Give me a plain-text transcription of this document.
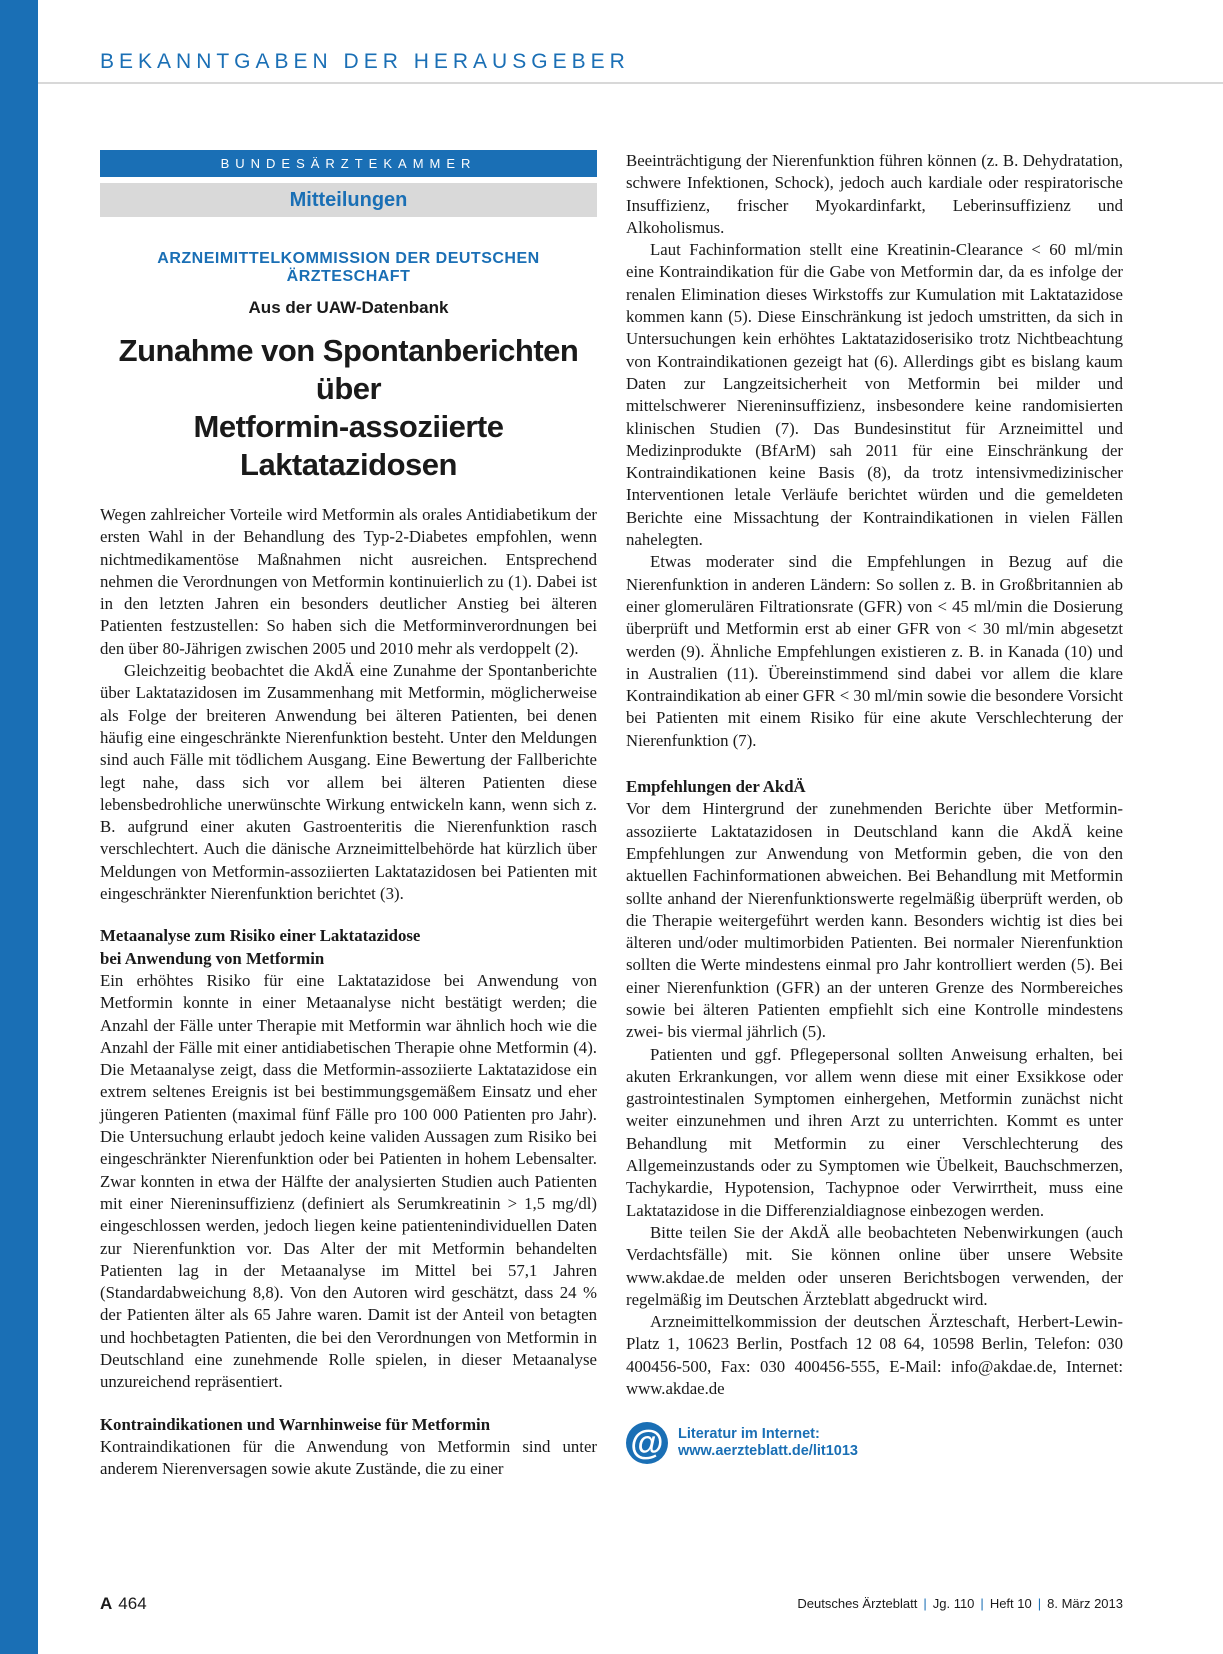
BEKANNTGABEN DER HERAUSGEBER
BUNDESÄRZTEKAMMER
Mitteilungen
ARZNEIMITTELKOMMISSION DER DEUTSCHEN ÄRZTESCHAFT
Aus der UAW-Datenbank
Zunahme von Spontanberichten über
Metformin-assoziierte Laktatazidosen

Wegen zahlreicher Vorteile wird Metformin als orales Antidiabetikum der ersten Wahl in der Behandlung des Typ-2-Diabetes empfohlen, wenn nichtmedikamentöse Maßnahmen nicht ausreichen. Entsprechend nehmen die Verordnungen von Metformin kontinuierlich zu (1). Dabei ist in den letzten Jahren ein besonders deutlicher Anstieg bei älteren Patienten festzustellen: So haben sich die Metforminverordnungen bei den über 80-Jährigen zwischen 2005 und 2010 mehr als verdoppelt (2).

Gleichzeitig beobachtet die AkdÄ eine Zunahme der Spontanberichte über Laktatazidosen im Zusammenhang mit Metformin, möglicherweise als Folge der breiteren Anwendung bei älteren Patienten, bei denen häufig eine eingeschränkte Nierenfunktion besteht. Unter den Meldungen sind auch Fälle mit tödlichem Ausgang. Eine Bewertung der Fallberichte legt nahe, dass sich vor allem bei älteren Patienten diese lebensbedrohliche unerwünschte Wirkung entwickeln kann, wenn sich z. B. aufgrund einer akuten Gastroenteritis die Nierenfunktion rasch verschlechtert. Auch die dänische Arzneimittelbehörde hat kürzlich über Meldungen von Metformin-assoziierten Laktatazidosen bei Patienten mit eingeschränkter Nierenfunktion berichtet (3).

Metaanalyse zum Risiko einer Laktatazidose
bei Anwendung von Metformin

Ein erhöhtes Risiko für eine Laktatazidose bei Anwendung von Metformin konnte in einer Metaanalyse nicht bestätigt werden; die Anzahl der Fälle unter Therapie mit Metformin war ähnlich hoch wie die Anzahl der Fälle mit einer antidiabetischen Therapie ohne Metformin (4). Die Metaanalyse zeigt, dass die Metformin-assoziierte Laktatazidose ein extrem seltenes Ereignis ist bei bestimmungsgemäßem Einsatz und eher jüngeren Patienten (maximal fünf Fälle pro 100 000 Patienten pro Jahr). Die Untersuchung erlaubt jedoch keine validen Aussagen zum Risiko bei eingeschränkter Nierenfunktion oder bei Patienten in hohem Lebensalter. Zwar konnten in etwa der Hälfte der analysierten Studien auch Patienten mit einer Niereninsuffizienz (definiert als Serumkreatinin > 1,5 mg/dl) eingeschlossen werden, jedoch liegen keine patientenindividuellen Daten zur Nierenfunktion vor. Das Alter der mit Metformin behandelten Patienten lag in der Metaanalyse im Mittel bei 57,1 Jahren (Standardabweichung 8,8). Von den Autoren wird geschätzt, dass 24 % der Patienten älter als 65 Jahre waren. Damit ist der Anteil von betagten und hochbetagten Patienten, die bei den Verordnungen von Metformin in Deutschland eine zunehmende Rolle spielen, in dieser Metaanalyse unzureichend repräsentiert.

Kontraindikationen und Warnhinweise für Metformin

Kontraindikationen für die Anwendung von Metformin sind unter anderem Nierenversagen sowie akute Zustände, die zu einer

Beeinträchtigung der Nierenfunktion führen können (z. B. Dehydratation, schwere Infektionen, Schock), jedoch auch kardiale oder respiratorische Insuffizienz, frischer Myokardinfarkt, Leberinsuffizienz und Alkoholismus.

Laut Fachinformation stellt eine Kreatinin-Clearance < 60 ml/min eine Kontraindikation für die Gabe von Metformin dar, da es infolge der renalen Elimination dieses Wirkstoffs zur Kumulation mit Laktatazidose kommen kann (5). Diese Einschränkung ist jedoch umstritten, da sich in Untersuchungen kein erhöhtes Laktatazidoserisiko trotz Nichtbeachtung von Kontraindikationen gezeigt hat (6). Allerdings gibt es bislang kaum Daten zur Langzeitsicherheit von Metformin bei milder und mittelschwerer Niereninsuffizienz, insbesondere keine randomisierten klinischen Studien (7). Das Bundesinstitut für Arzneimittel und Medizinprodukte (BfArM) sah 2011 für eine Einschränkung der Kontraindikationen keine Basis (8), da trotz intensivmedizinischer Interventionen letale Verläufe berichtet würden und die gemeldeten Berichte eine Missachtung der Kontraindikationen in vielen Fällen nahelegten.

Etwas moderater sind die Empfehlungen in Bezug auf die Nierenfunktion in anderen Ländern: So sollen z. B. in Großbritannien ab einer glomerulären Filtrationsrate (GFR) von < 45 ml/min die Dosierung überprüft und Metformin erst ab einer GFR von < 30 ml/min abgesetzt werden (9). Ähnliche Empfehlungen existieren z. B. in Kanada (10) und in Australien (11). Übereinstimmend sind dabei vor allem die klare Kontraindikation ab einer GFR < 30 ml/min sowie die besondere Vorsicht bei Patienten mit einem Risiko für eine akute Verschlechterung der Nierenfunktion (7).

Empfehlungen der AkdÄ

Vor dem Hintergrund der zunehmenden Berichte über Metformin-assoziierte Laktatazidosen in Deutschland kann die AkdÄ keine Empfehlungen zur Anwendung von Metformin geben, die von den aktuellen Fachinformationen abweichen. Bei Behandlung mit Metformin sollte anhand der Nierenfunktionswerte regelmäßig überprüft werden, ob die Therapie weitergeführt werden kann. Besonders wichtig ist dies bei älteren und/oder multimorbiden Patienten. Bei normaler Nierenfunktion sollten die Werte mindestens einmal pro Jahr kontrolliert werden (5). Bei einer Nierenfunktion (GFR) an der unteren Grenze des Normbereiches sowie bei älteren Patienten empfiehlt sich eine Kontrolle mindestens zwei- bis viermal jährlich (5).

Patienten und ggf. Pflegepersonal sollten Anweisung erhalten, bei akuten Erkrankungen, vor allem wenn diese mit einer Exsikkose oder gastrointestinalen Symptomen einhergehen, Metformin zunächst nicht weiter einzunehmen und ihren Arzt zu unterrichten. Kommt es unter Behandlung mit Metformin zu einer Verschlechterung des Allgemeinzustands oder zu Symptomen wie Übelkeit, Bauchschmerzen, Tachykardie, Hypotension, Tachypnoe oder Verwirrtheit, muss eine Laktatazidose in die Differenzialdiagnose einbezogen werden.

Bitte teilen Sie der AkdÄ alle beobachteten Nebenwirkungen (auch Verdachtsfälle) mit. Sie können online über unsere Website www.akdae.de melden oder unseren Berichtsbogen verwenden, der regelmäßig im Deutschen Ärzteblatt abgedruckt wird.

Arzneimittelkommission der deutschen Ärzteschaft, Herbert-Lewin-Platz 1, 10623 Berlin, Postfach 12 08 64, 10598 Berlin, Telefon: 030 400456-500, Fax: 030 400456-555, E-Mail: info@akdae.de, Internet: www.akdae.de

@ Literatur im Internet:
www.aerzteblatt.de/lit1013
A 464	Deutsches Ärzteblatt | Jg. 110 | Heft 10 | 8. März 2013
